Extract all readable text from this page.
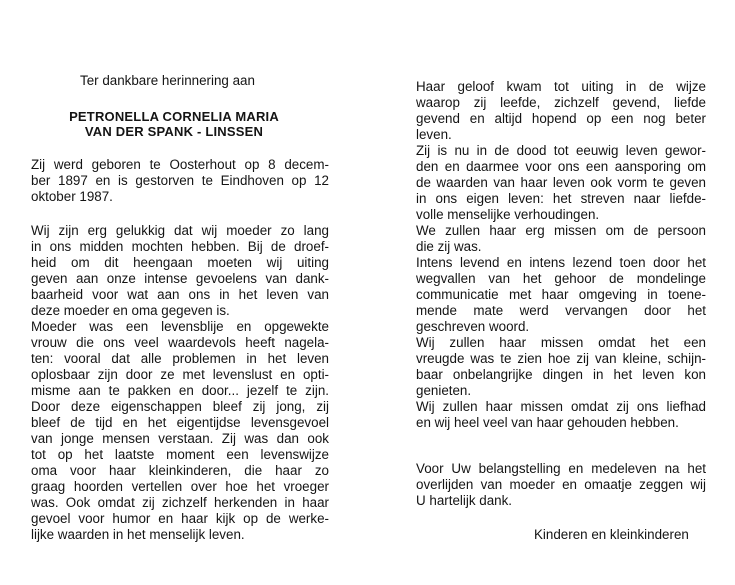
Ter dankbare herinnering aan

PETRONELLA CORNELIA MARIA

VAN DER SPANK - LINSSEN

Zij werd geboren te Oosterhout op 8 decem-

ber 1897 en is gestorven te Eindhoven op 12

oktober 1987.

Wij zijn erg gelukkig dat wij moeder zo lang

in ons midden mochten hebben. Bij de droef-

heid om dit heengaan moeten wij uiting

geven aan onze intense gevoelens van dank-

baarheid voor wat aan ons in het leven van

deze moeder en oma gegeven is.

Moeder was een levensblije en opgewekte

vrouw die ons veel waardevols heeft nagela-

ten: vooral dat alle problemen in het leven

oplosbaar zijn door ze met levenslust en opti-

misme aan te pakken en door... jezelf te zijn.

Door deze eigenschappen bleef zij jong, zij

bleef de tijd en het eigentijdse levensgevoel

van jonge mensen verstaan. Zij was dan ook

tot op het laatste moment een levenswijze

oma voor haar kleinkinderen, die haar zo

graag hoorden vertellen over hoe het vroeger

was. Ook omdat zij zichzelf herkenden in haar

gevoel voor humor en haar kijk op de werke-

lijke waarden in het menselijk leven.

Haar geloof kwam tot uiting in de wijze

waarop zij leefde, zichzelf gevend, liefde

gevend en altijd hopend op een nog beter

leven.

Zij is nu in de dood tot eeuwig leven gewor-

den en daarmee voor ons een aansporing om

de waarden van haar leven ook vorm te geven

in ons eigen leven: het streven naar liefde-

volle menselijke verhoudingen.

We zullen haar erg missen om de persoon

die zij was.

Intens levend en intens lezend toen door het

wegvallen van het gehoor de mondelinge

communicatie met haar omgeving in toene-

mende mate werd vervangen door het

geschreven woord.

Wij zullen haar missen omdat het een

vreugde was te zien hoe zij van kleine, schijn-

baar onbelangrijke dingen in het leven kon

genieten.

Wij zullen haar missen omdat zij ons liefhad

en wij heel veel van haar gehouden hebben.

Voor Uw belangstelling en medeleven na het

overlijden van moeder en omaatje zeggen wij

U hartelijk dank.

Kinderen en kleinkinderen
